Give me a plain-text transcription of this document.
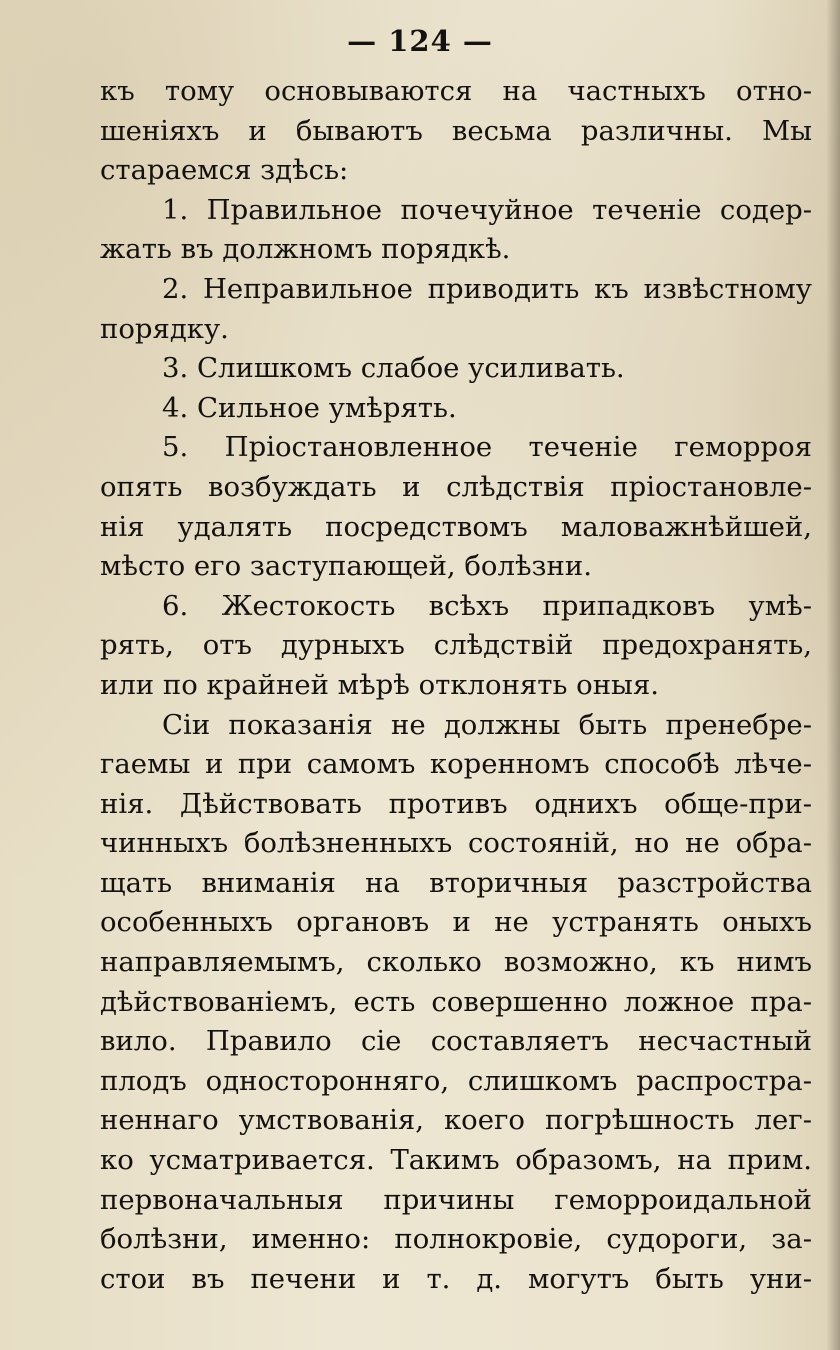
— 124 —
къ тому основываются на частныхъ отно-
шеніяхъ и бываютъ весьма различны. Мы
стараемся здѣсь:
1. Правильное почечуйное теченіе содер-
жать въ должномъ порядкѣ.
2. Неправильное приводить къ извѣстному
порядку.
3. Слишкомъ слабое усиливать.
4. Сильное умѣрять.
5. Пріостановленное теченіе геморроя
опять возбуждать и слѣдствія пріостановле-
нія удалять посредствомъ маловажнѣйшей,
мѣсто его заступающей, болѣзни.
6. Жестокость всѣхъ припадковъ умѣ-
рять, отъ дурныхъ слѣдствій предохранять,
или по крайней мѣрѣ отклонять оныя.
Сіи показанія не должны быть пренебре-
гаемы и при самомъ коренномъ способѣ лѣче-
нія. Дѣйствовать противъ однихъ обще-при-
чинныхъ болѣзненныхъ состояній, но не обра-
щать вниманія на вторичныя разстройства
особенныхъ органовъ и не устранять оныхъ
направляемымъ, сколько возможно, къ нимъ
дѣйствованіемъ, есть совершенно ложное пра-
вило. Правило сіе составляетъ несчастный
плодъ односторонняго, слишкомъ распростра-
неннаго умствованія, коего погрѣшность лег-
ко усматривается. Такимъ образомъ, на прим.
первоначальныя причины геморроидальной
болѣзни, именно: полнокровіе, судороги, за-
стои въ печени и т. д. могутъ быть уни-
